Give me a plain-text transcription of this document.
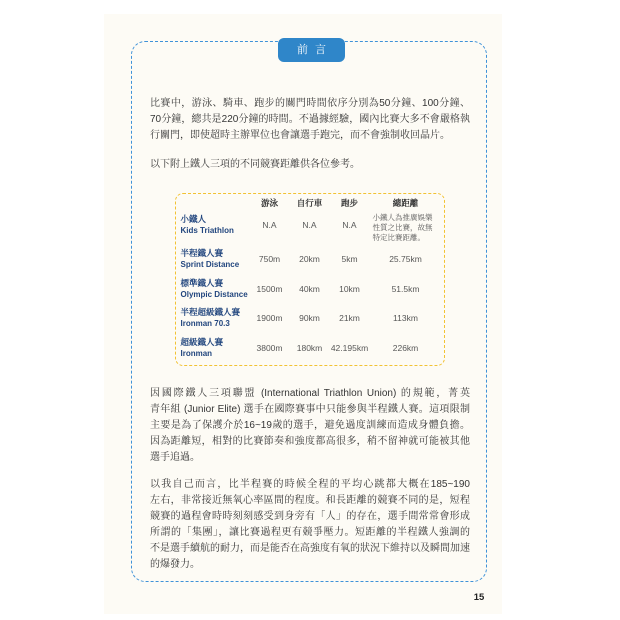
前言
比賽中，游泳、騎車、跑步的關門時間依序分別為50分鐘、100分鐘、
70分鐘，總共是220分鐘的時間。不過據經驗，國內比賽大多不會嚴格執
行關門，即使超時主辦單位也會讓選手跑完，而不會強制收回晶片。
以下附上鐵人三項的不同競賽距離供各位參考。
游泳	自行車	跑步	總距離
小鐵人
Kids Triathlon
N.A	N.A	N.A
小鐵人為推廣娛樂
性質之比賽，故無
特定比賽距離。
半程鐵人賽
Sprint Distance
750m	20km	5km	25.75km
標準鐵人賽
Olympic Distance
1500m	40km	10km	51.5km
半程超級鐵人賽
Ironman 70.3
1900m	90km	21km	113km
超級鐵人賽
Ironman
3800m	180km	42.195km	226km
因國際鐵人三項聯盟 (International Triathlon Union) 的規範，菁英
青年組 (Junior Elite) 選手在國際賽事中只能參與半程鐵人賽。這項限制
主要是為了保護介於16~19歲的選手，避免過度訓練而造成身體負擔。
因為距離短，相對的比賽節奏和強度都高很多，稍不留神就可能被其他
選手追過。
以我自己而言，比半程賽的時候全程的平均心跳都大概在185~190
左右，非常接近無氧心率區間的程度。和長距離的競賽不同的是，短程
競賽的過程會時時刻刻感受到身旁有「人」的存在，選手間常常會形成
所謂的「集團」，讓比賽過程更有競爭壓力。短距離的半程鐵人強調的
不是選手續航的耐力，而是能否在高強度有氧的狀況下維持以及瞬間加速
的爆發力。
15
